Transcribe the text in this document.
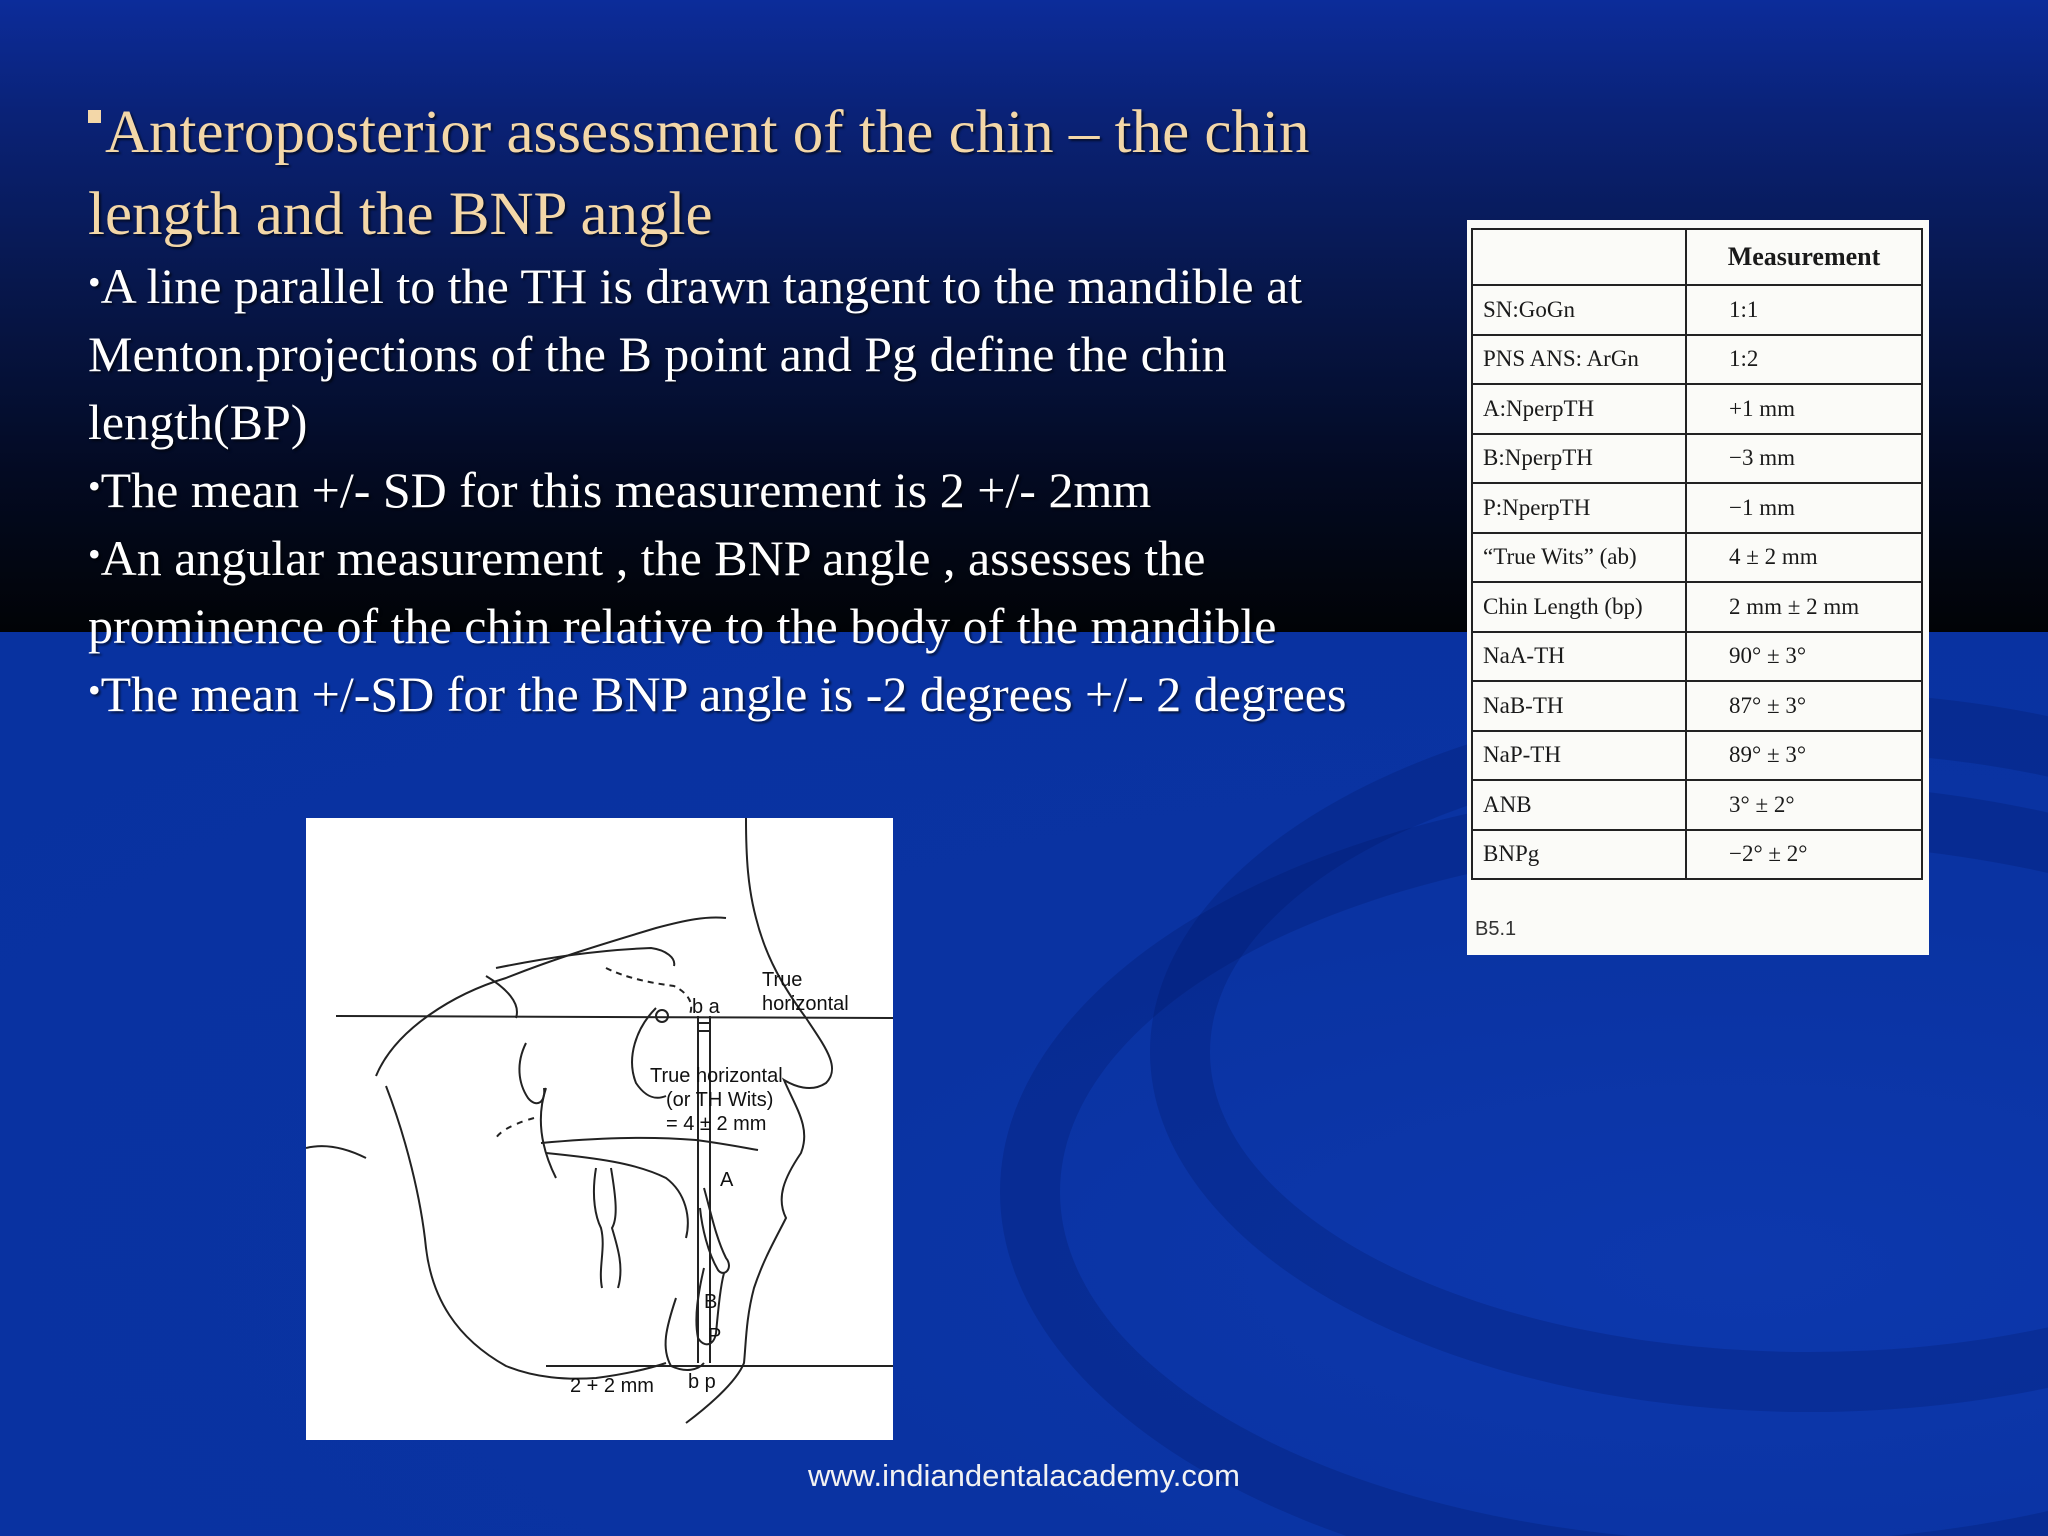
Anteroposterior assessment of the chin – the chin length and the BNP angle

•A line parallel to the TH is drawn tangent to the mandible at Menton.projections of the B point and Pg define the chin length(BP)

•The mean +/- SD for this measurement is 2 +/- 2mm

•An angular measurement , the BNP angle , assesses the prominence of the chin relative to the body of the mandible

•The mean +/-SD for the BNP angle is -2 degrees +/- 2 degrees

	Measurement
SN:GoGn	1:1
PNS ANS: ArGn	1:2
A:NperpTH	+1 mm
B:NperpTH	−3 mm
P:NperpTH	−1 mm
“True Wits” (ab)	4 ± 2 mm
Chin Length (bp)	2 mm ± 2 mm
NaA-TH	90° ± 3°
NaB-TH	87° ± 3°
NaP-TH	89° ± 3°
ANB	3° ± 2°
BNPg	−2° ± 2°
B5.1
True
horizontal
b a
True horizontal
(or TH Wits)
= 4 ± 2 mm
A
B
P
2 + 2 mm b p
www.indiandentalacademy.com
